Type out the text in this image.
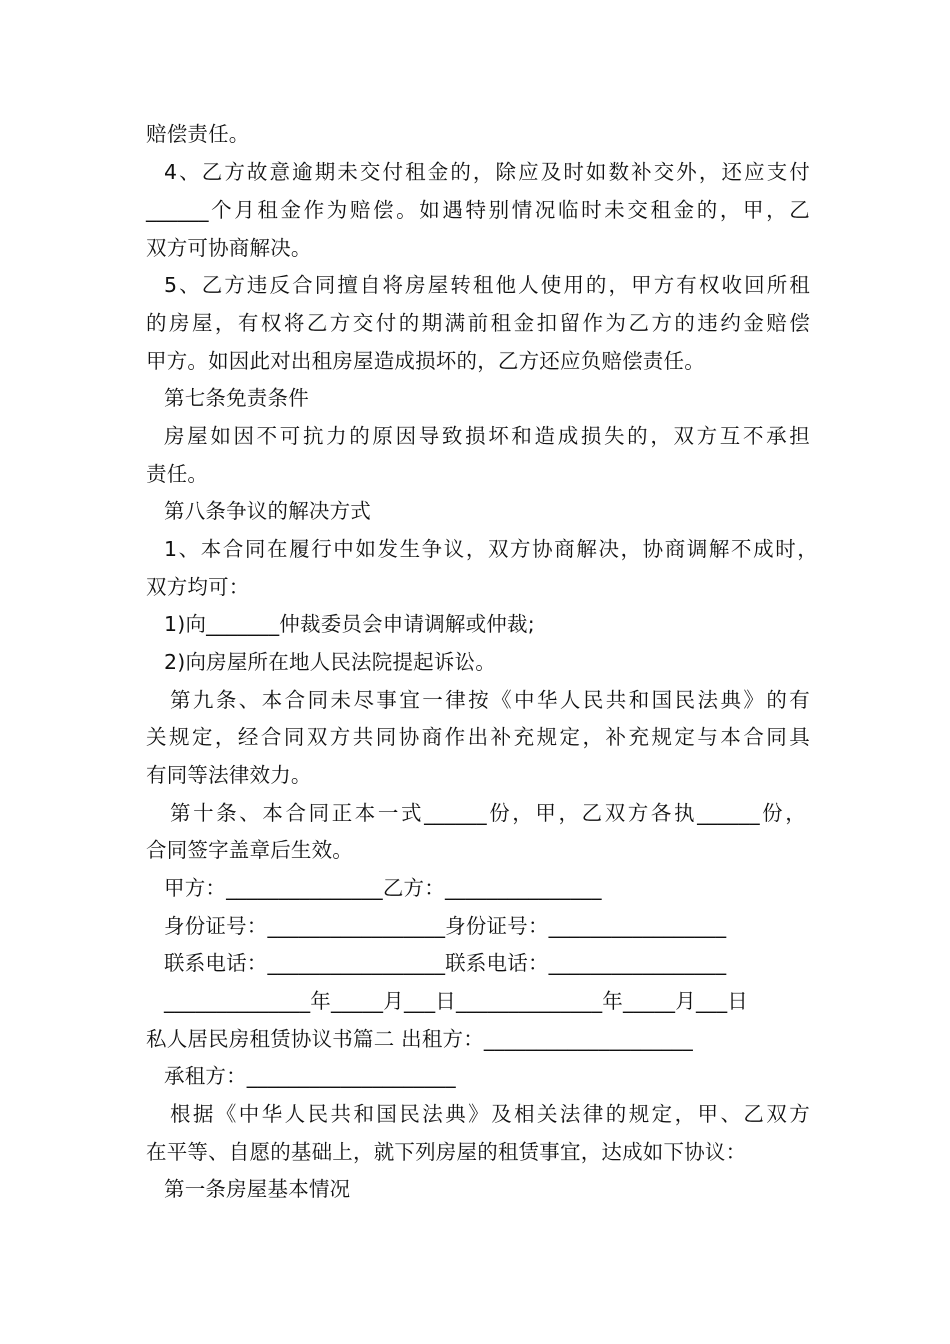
赔偿责任。
4、乙方故意逾期未交付租金的，除应及时如数补交外，还应支付
______个月租金作为赔偿。如遇特别情况临时未交租金的，甲，乙
双方可协商解决。
5、乙方违反合同擅自将房屋转租他人使用的，甲方有权收回所租
的房屋，有权将乙方交付的期满前租金扣留作为乙方的违约金赔偿
甲方。如因此对出租房屋造成损坏的，乙方还应负赔偿责任。
第七条免责条件
房屋如因不可抗力的原因导致损坏和造成损失的，双方互不承担
责任。
第八条争议的解决方式
1、本合同在履行中如发生争议，双方协商解决，协商调解不成时，
双方均可：
1)向_______仲裁委员会申请调解或仲裁;
2)向房屋所在地人民法院提起诉讼。
第九条、本合同未尽事宜一律按《中华人民共和国民法典》的有
关规定，经合同双方共同协商作出补充规定，补充规定与本合同具
有同等法律效力。
第十条、本合同正本一式______份，甲，乙双方各执______份，
合同签字盖章后生效。
甲方：_______________乙方：_______________
身份证号：_________________身份证号：_________________
联系电话：_________________联系电话：_________________
______________年_____月___日______________年_____月___日
私人居民房租赁协议书篇二 出租方：____________________
承租方：____________________
根据《中华人民共和国民法典》及相关法律的规定，甲、乙双方
在平等、自愿的基础上，就下列房屋的租赁事宜，达成如下协议：
第一条房屋基本情况
